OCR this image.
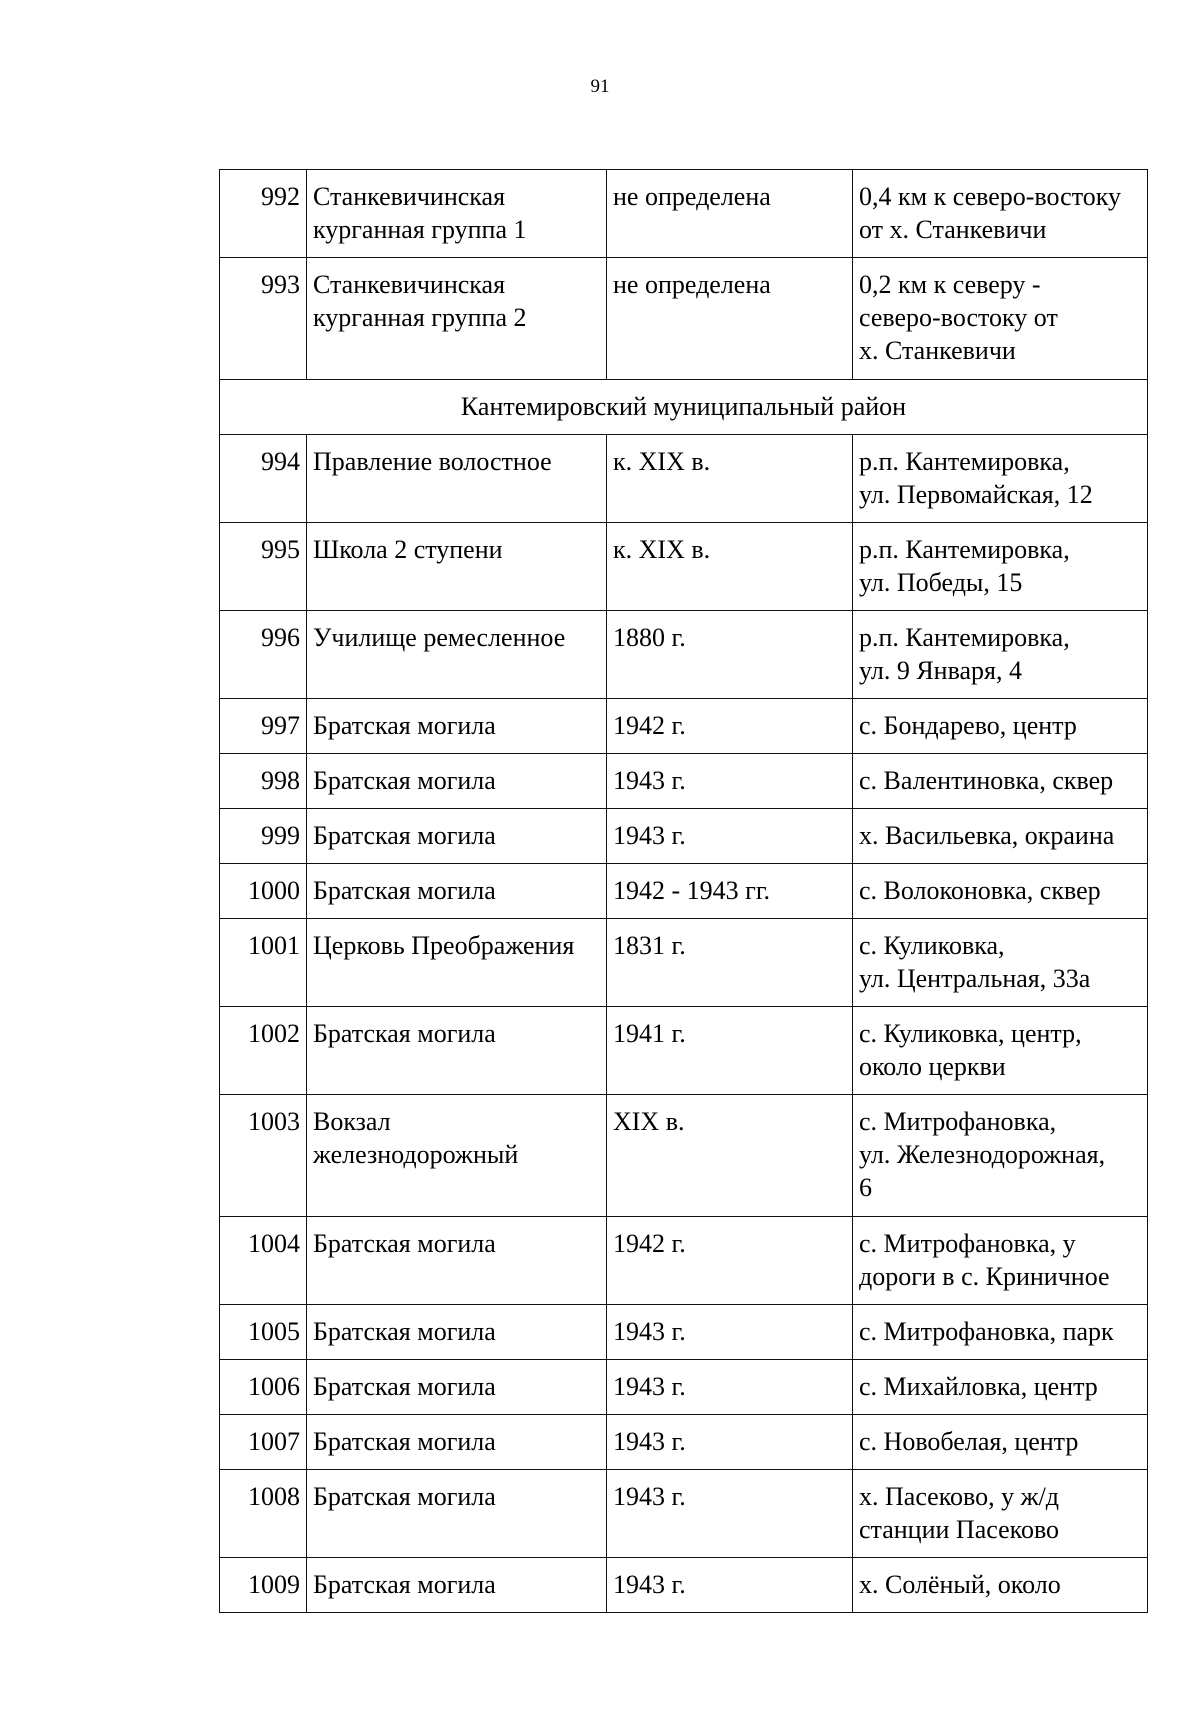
91
992	Станкевичинская
курганная группа 1	не определена	0,4 км к северо-востоку
от х. Станкевичи
993	Станкевичинская
курганная группа 2	не определена	0,2 км к северу -
северо-востоку от
х. Станкевичи
Кантемировский муниципальный район			
994	Правление волостное	к. XIX в.	р.п. Кантемировка,
ул. Первомайская, 12
995	Школа 2 ступени	к. XIX в.	р.п. Кантемировка,
ул. Победы, 15
996	Училище ремесленное	1880 г.	р.п. Кантемировка,
ул. 9 Января, 4
997	Братская могила	1942 г.	с. Бондарево, центр
998	Братская могила	1943 г.	с. Валентиновка, сквер
999	Братская могила	1943 г.	х. Васильевка, окраина
1000	Братская могила	1942 - 1943 гг.	с. Волоконовка, сквер
1001	Церковь Преображения	1831 г.	с. Куликовка,
ул. Центральная, 33а
1002	Братская могила	1941 г.	с. Куликовка, центр,
около церкви
1003	Вокзал
железнодорожный	XIX в.	с. Митрофановка,
ул. Железнодорожная,
6
1004	Братская могила	1942 г.	с. Митрофановка, у
дороги в с. Криничное
1005	Братская могила	1943 г.	с. Митрофановка, парк
1006	Братская могила	1943 г.	с. Михайловка, центр
1007	Братская могила	1943 г.	с. Новобелая, центр
1008	Братская могила	1943 г.	х. Пасеково, у ж/д
станции Пасеково
1009	Братская могила	1943 г.	х. Солёный, около
